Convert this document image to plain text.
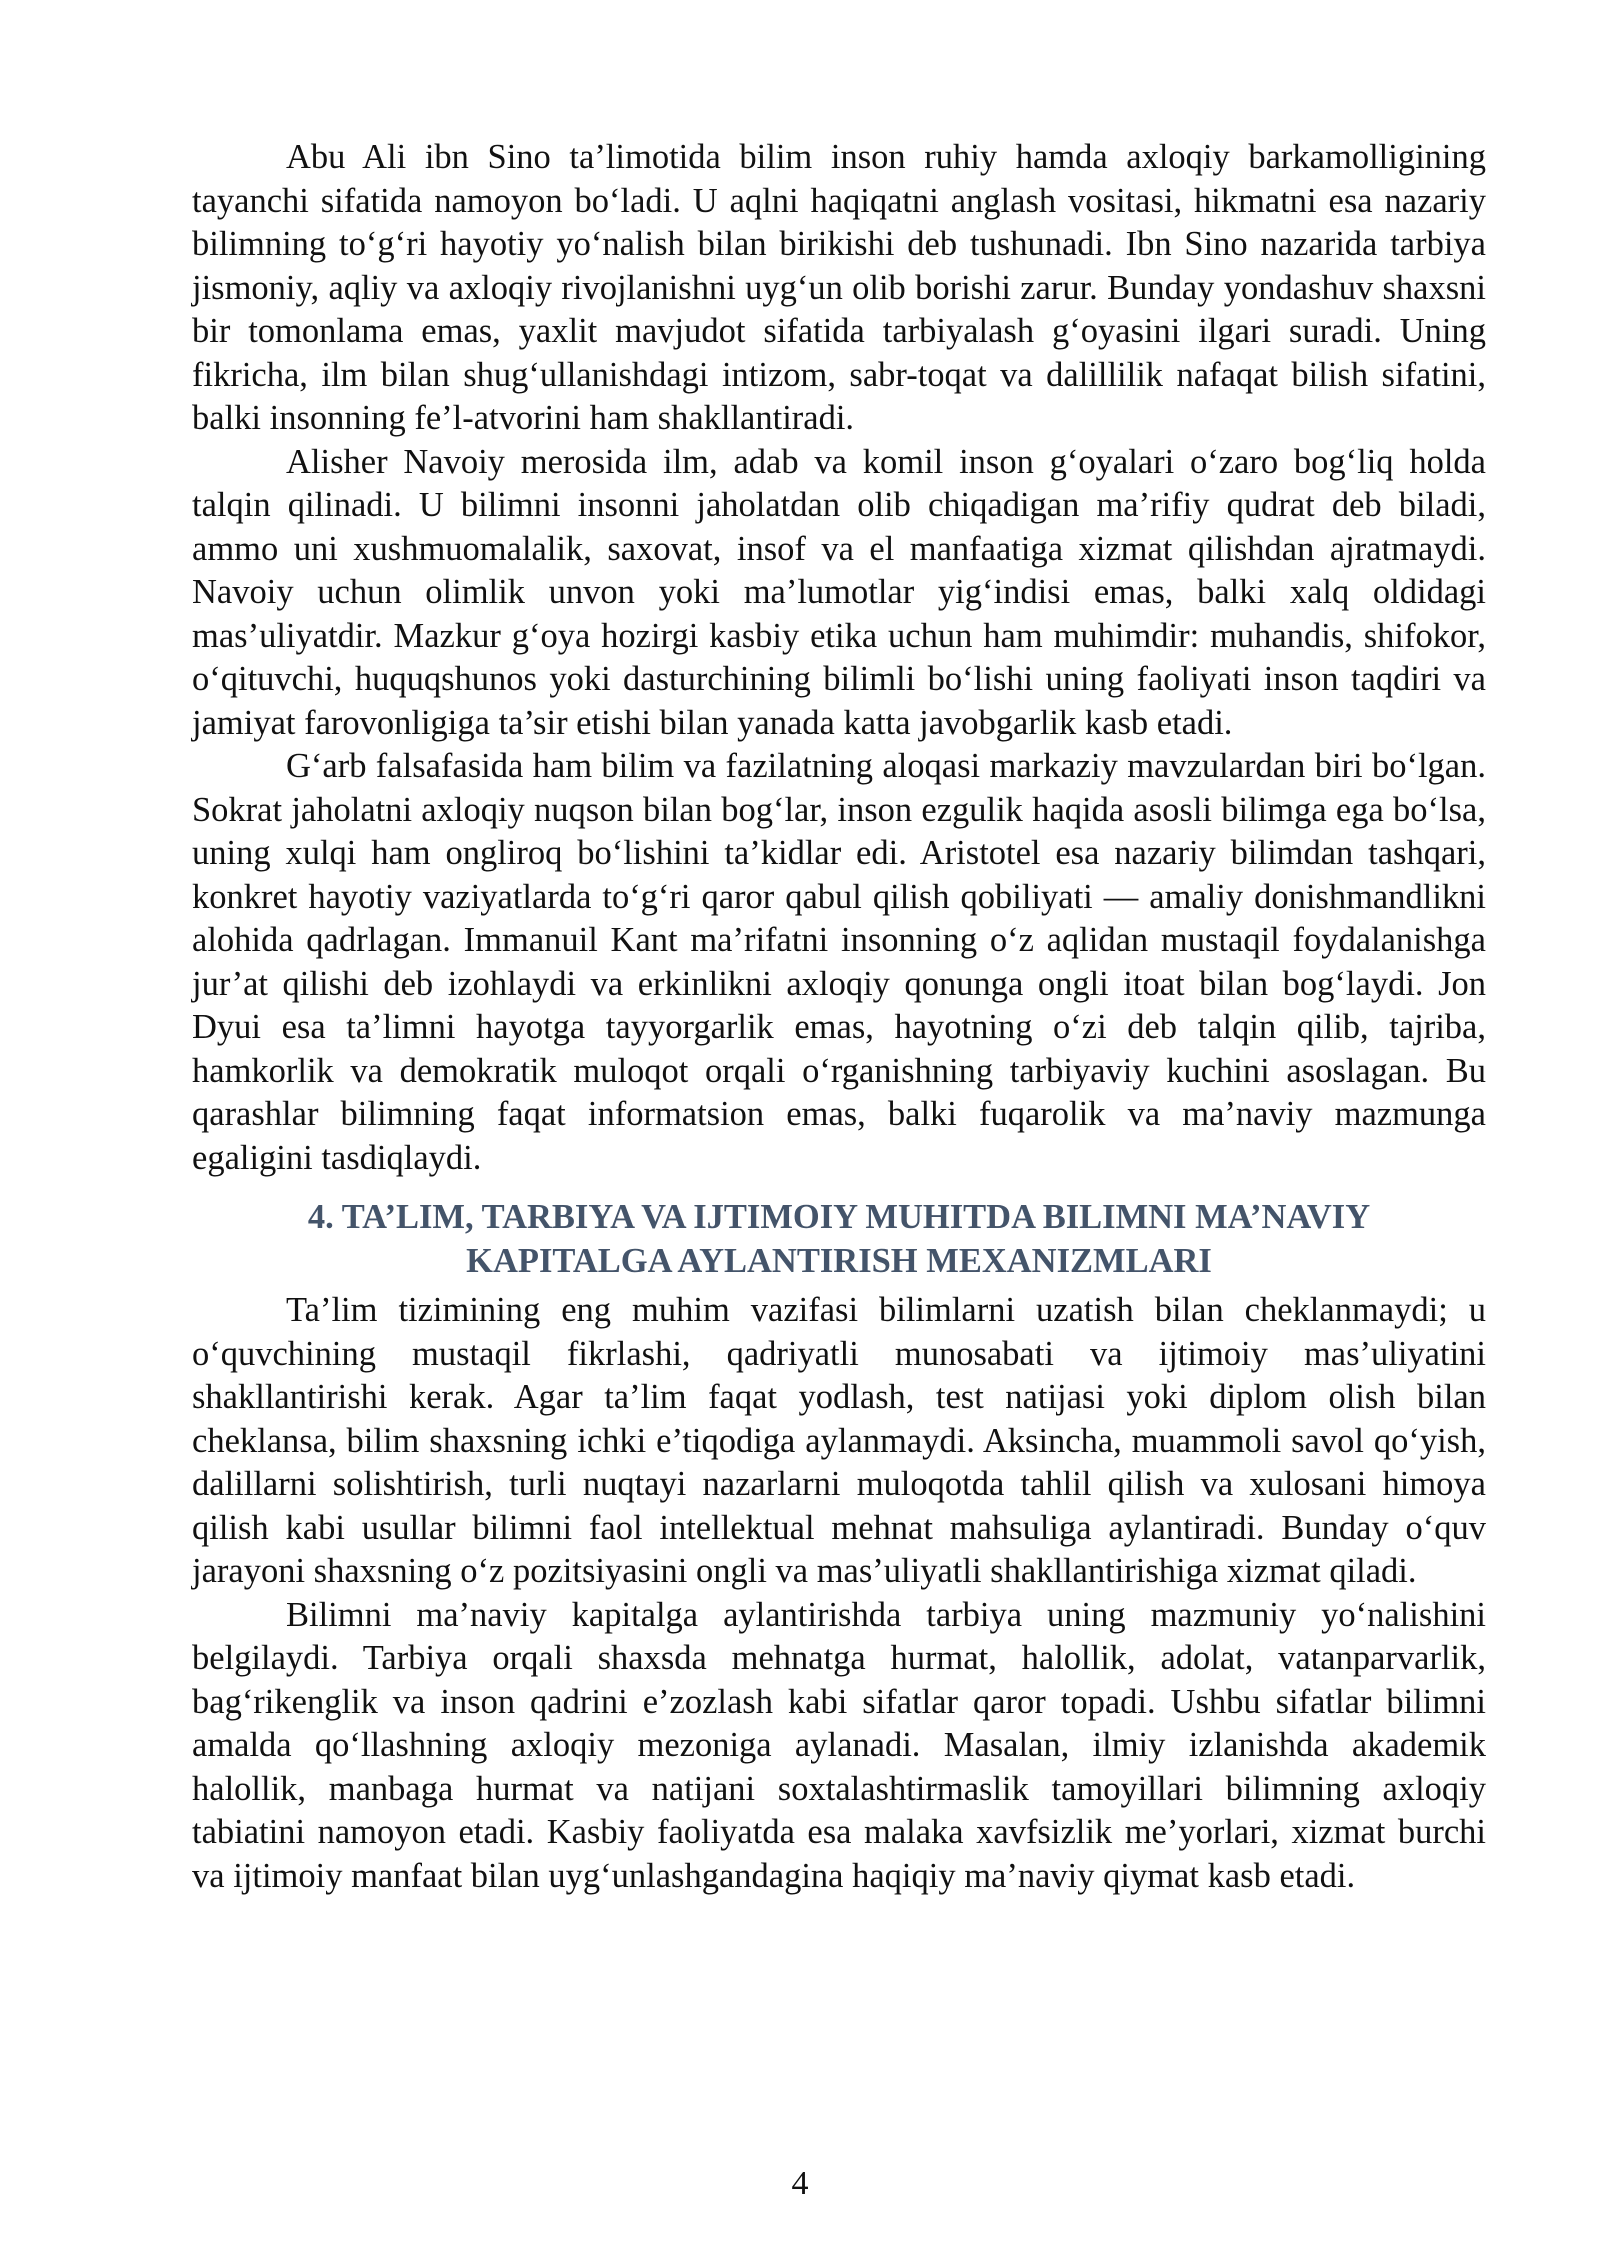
Abu Ali ibn Sino ta’limotida bilim inson ruhiy hamda axloqiy barkamolligining tayanchi sifatida namoyon bo‘ladi. U aqlni haqiqatni anglash vositasi, hikmatni esa nazariy bilimning to‘g‘ri hayotiy yo‘nalish bilan birikishi deb tushunadi. Ibn Sino nazarida tarbiya jismoniy, aqliy va axloqiy rivojlanishni uyg‘un olib borishi zarur. Bunday yondashuv shaxsni bir tomonlama emas, yaxlit mavjudot sifatida tarbiyalash g‘oyasini ilgari suradi. Uning fikricha, ilm bilan shug‘ullanishdagi intizom, sabr-toqat va dalillilik nafaqat bilish sifatini, balki insonning fe’l-atvorini ham shakllantiradi.

Alisher Navoiy merosida ilm, adab va komil inson g‘oyalari o‘zaro bog‘liq holda talqin qilinadi. U bilimni insonni jaholatdan olib chiqadigan ma’rifiy qudrat deb biladi, ammo uni xushmuomalalik, saxovat, insof va el manfaatiga xizmat qilishdan ajratmaydi. Navoiy uchun olimlik unvon yoki ma’lumotlar yig‘indisi emas, balki xalq oldidagi mas’uliyatdir. Mazkur g‘oya hozirgi kasbiy etika uchun ham muhimdir: muhandis, shifokor, o‘qituvchi, huquqshunos yoki dasturchining bilimli bo‘lishi uning faoliyati inson taqdiri va jamiyat farovonligiga ta’sir etishi bilan yanada katta javobgarlik kasb etadi.

G‘arb falsafasida ham bilim va fazilatning aloqasi markaziy mavzulardan biri bo‘lgan. Sokrat jaholatni axloqiy nuqson bilan bog‘lar, inson ezgulik haqida asosli bilimga ega bo‘lsa, uning xulqi ham ongliroq bo‘lishini ta’kidlar edi. Aristotel esa nazariy bilimdan tashqari, konkret hayotiy vaziyatlarda to‘g‘ri qaror qabul qilish qobiliyati — amaliy donishmandlikni alohida qadrlagan. Immanuil Kant ma’rifatni insonning o‘z aqlidan mustaqil foydalanishga jur’at qilishi deb izohlaydi va erkinlikni axloqiy qonunga ongli itoat bilan bog‘laydi. Jon Dyui esa ta’limni hayotga tayyorgarlik emas, hayotning o‘zi deb talqin qilib, tajriba, hamkorlik va demokratik muloqot orqali o‘rganishning tarbiyaviy kuchini asoslagan. Bu qarashlar bilimning faqat informatsion emas, balki fuqarolik va ma’naviy mazmunga egaligini tasdiqlaydi.

4. TA’LIM, TARBIYA VA IJTIMOIY MUHITDA BILIMNI MA’NAVIY
KAPITALGA AYLANTIRISH MEXANIZMLARI

Ta’lim tizimining eng muhim vazifasi bilimlarni uzatish bilan cheklanmaydi; u o‘quvchining mustaqil fikrlashi, qadriyatli munosabati va ijtimoiy mas’uliyatini shakllantirishi kerak. Agar ta’lim faqat yodlash, test natijasi yoki diplom olish bilan cheklansa, bilim shaxsning ichki e’tiqodiga aylanmaydi. Aksincha, muammoli savol qo‘yish, dalillarni solishtirish, turli nuqtayi nazarlarni muloqotda tahlil qilish va xulosani himoya qilish kabi usullar bilimni faol intellektual mehnat mahsuliga aylantiradi. Bunday o‘quv jarayoni shaxsning o‘z pozitsiyasini ongli va mas’uliyatli shakllantirishiga xizmat qiladi.

Bilimni ma’naviy kapitalga aylantirishda tarbiya uning mazmuniy yo‘nalishini belgilaydi. Tarbiya orqali shaxsda mehnatga hurmat, halollik, adolat, vatanparvarlik, bag‘rikenglik va inson qadrini e’zozlash kabi sifatlar qaror topadi. Ushbu sifatlar bilimni amalda qo‘llashning axloqiy mezoniga aylanadi. Masalan, ilmiy izlanishda akademik halollik, manbaga hurmat va natijani soxtalashtirmaslik tamoyillari bilimning axloqiy tabiatini namoyon etadi. Kasbiy faoliyatda esa malaka xavfsizlik me’yorlari, xizmat burchi va ijtimoiy manfaat bilan uyg‘unlashgandagina haqiqiy ma’naviy qiymat kasb etadi.

4
